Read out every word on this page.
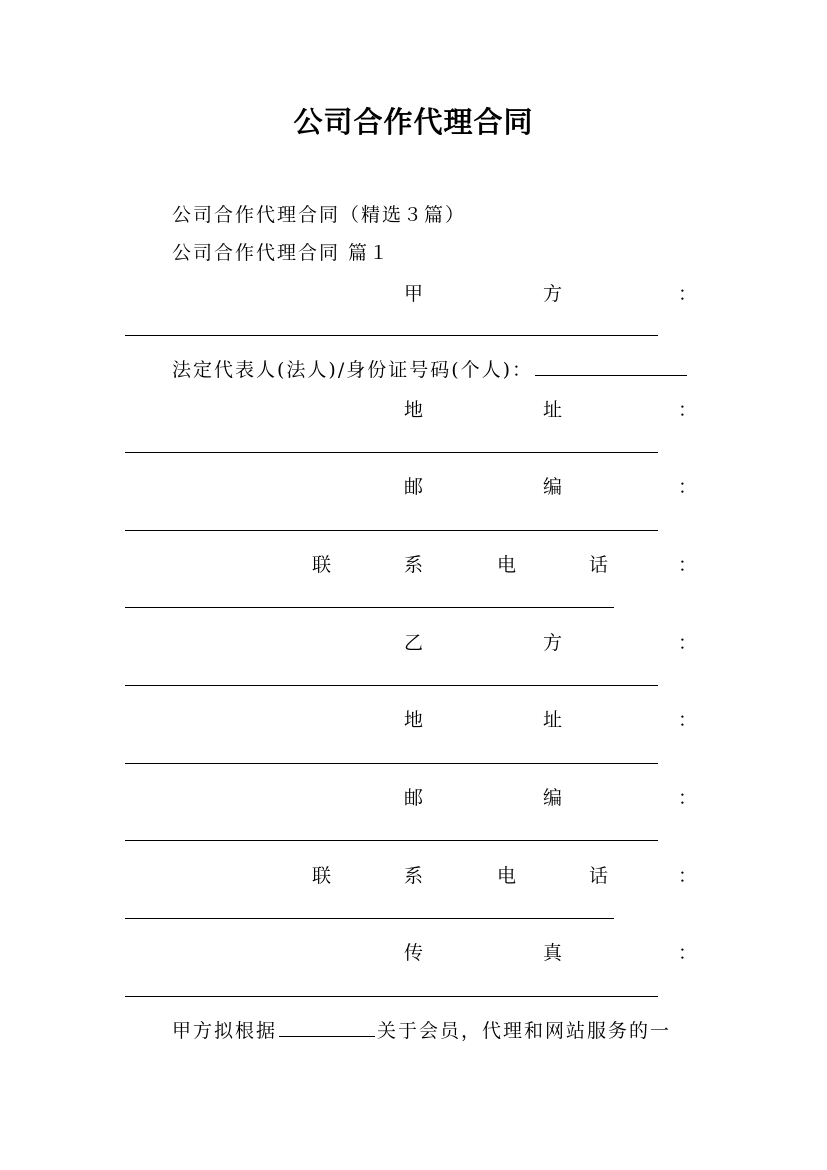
公司合作代理合同
公司合作代理合同（精选３篇）
公司合作代理合同 篇１
甲	方	：
法定代表人(法人)/身份证号码(个人)：
地	址	：
邮	编	：
联	系	电	话	：
乙	方	：
地	址	：
邮	编	：
联	系	电	话	：
传	真	：
甲方拟根据	关于会员，代理和网站服务的一
